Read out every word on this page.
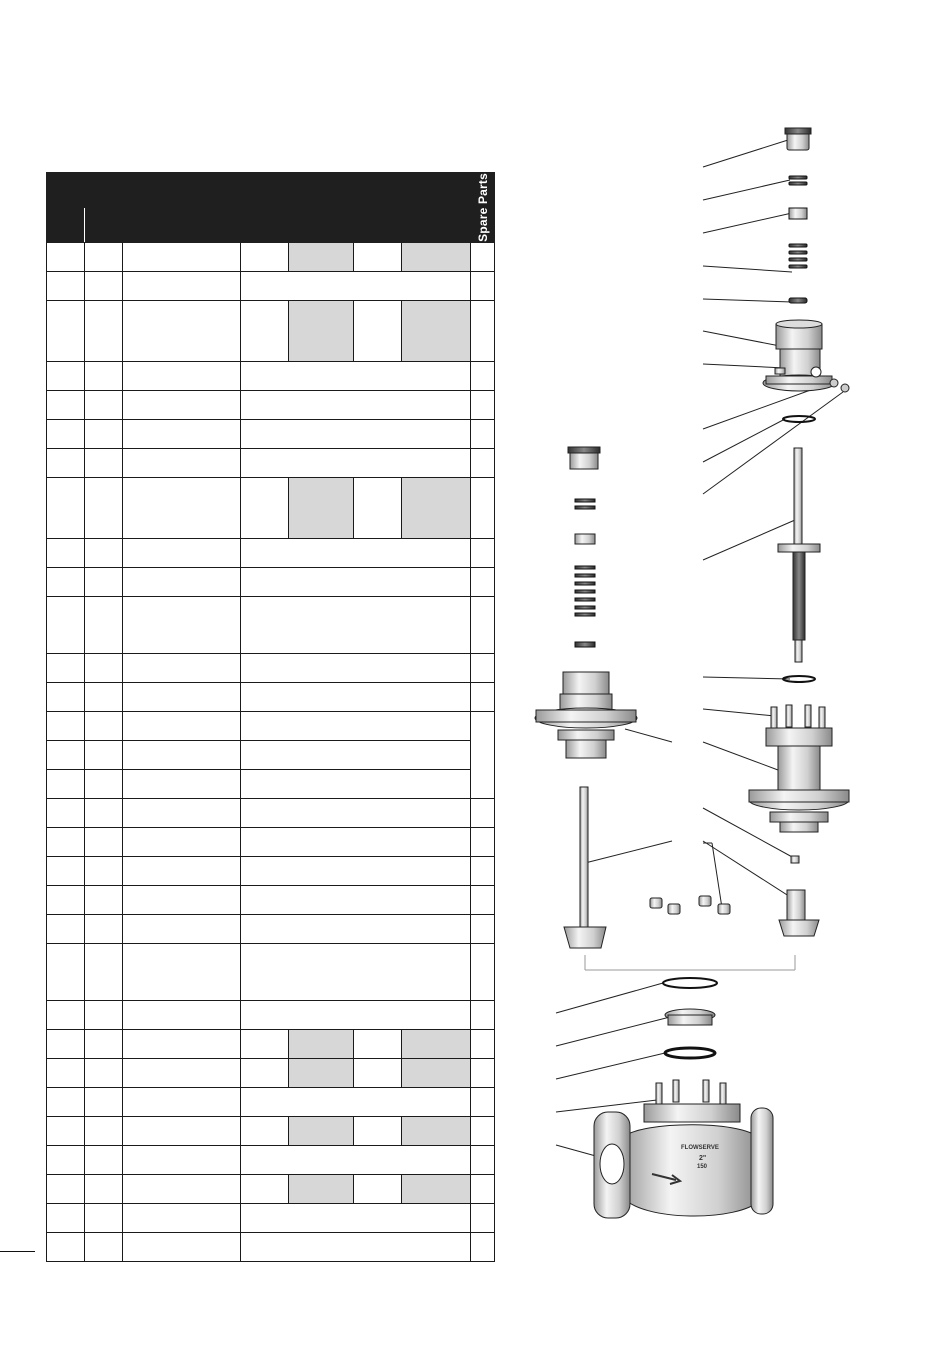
							Spare Parts

FLOWSERVE
2"
150
